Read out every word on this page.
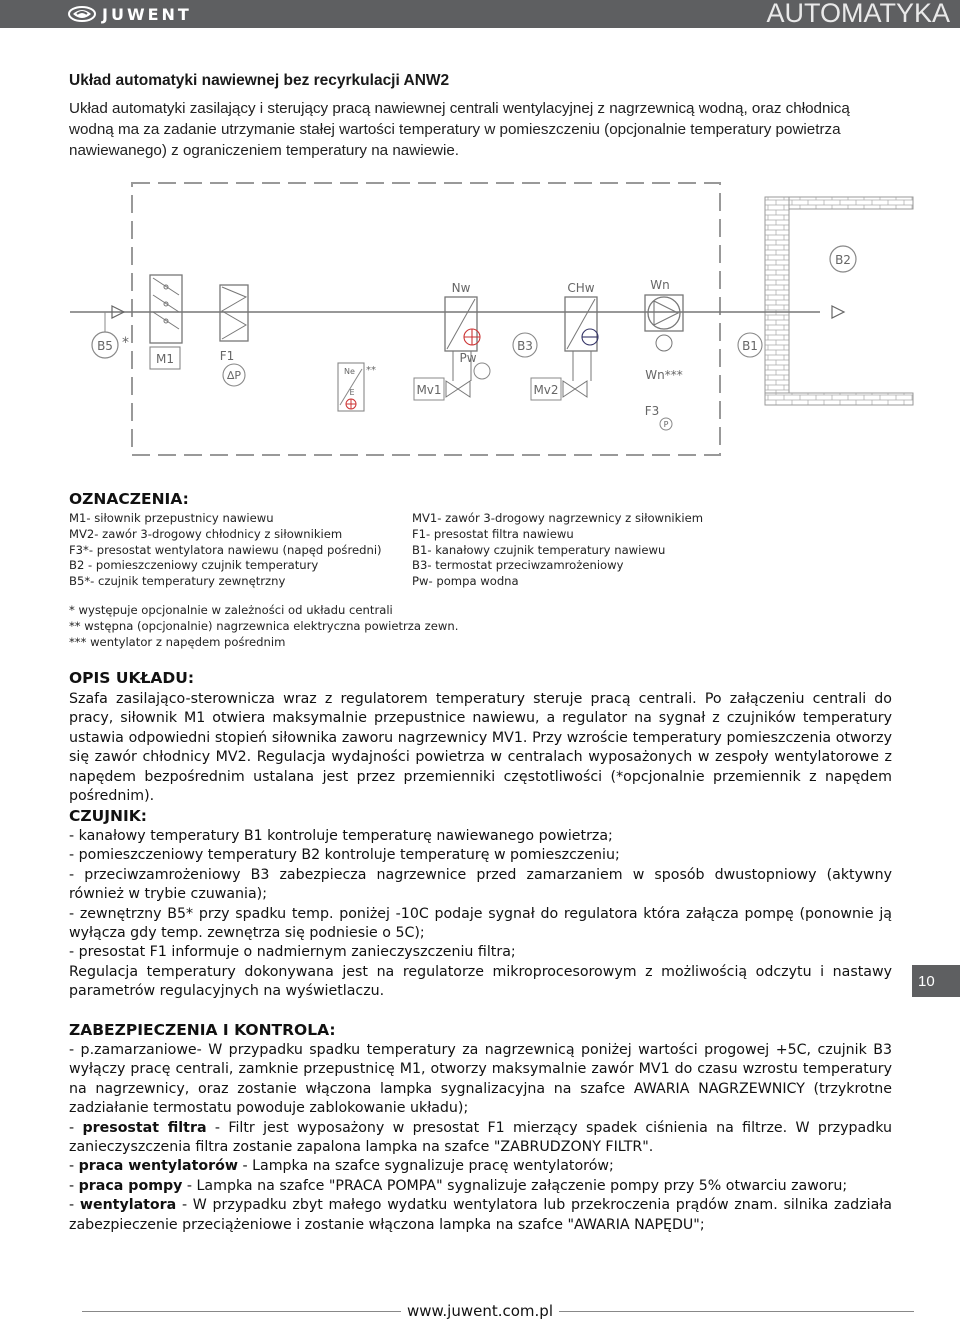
JUWENT	AUTOMATYKA
Układ automatyki nawiewnej bez recyrkulacji ANW2
Układ automatyki zasilający i sterujący pracą nawiewnej centrali wentylacyjnej z nagrzewnicą wodną, oraz chłodnicą
wodną ma za zadanie utrzymanie stałej wartości temperatury w pomieszczeniu (opcjonalnie temperatury powietrza
nawiewanego) z ograniczeniem temperatury na nawiewie.
B2
B5 *
M1	F1
∆P	Ne **
E
Nw
Pw
Mv1
B3
CHw
Mv2
Wn
Wn***
F3
P
B1
OZNACZENIA:
M1- siłownik przepustnicy nawiewu
MV2- zawór 3-drogowy chłodnicy z siłownikiem
F3*- presostat wentylatora nawiewu (napęd pośredni)
B2 - pomieszczeniowy czujnik temperatury
B5*- czujnik temperatury zewnętrzny
MV1- zawór 3-drogowy nagrzewnicy z siłownikiem
F1- presostat filtra nawiewu
B1- kanałowy czujnik temperatury nawiewu
B3- termostat przeciwzamrożeniowy
Pw- pompa wodna
* występuje opcjonalnie w zależności od układu centrali
** wstępna (opcjonalnie) nagrzewnica elektryczna powietrza zewn.
*** wentylator z napędem pośrednim
OPIS UKŁADU:
Szafa zasilająco-sterownicza wraz z regulatorem temperatury steruje pracą centrali. Po załączeniu centrali do pracy, siłownik M1 otwiera maksymalnie przepustnice nawiewu, a regulator na sygnał z czujników temperatury ustawia odpowiedni stopień siłownika zaworu nagrzewnicy MV1. Przy wzroście temperatury pomieszczenia otworzy się zawór chłodnicy MV2. Regulacja wydajności powietrza w centralach wyposażonych w zespoły wentylatorowe z napędem bezpośrednim ustalana jest przez przemienniki częstotliwości (*opcjonalnie przemiennik z napędem pośrednim).
CZUJNIK:

- kanałowy temperatury B1 kontroluje temperaturę nawiewanego powietrza;

- pomieszczeniowy temperatury B2 kontroluje temperaturę w pomieszczeniu;

- przeciwzamrożeniowy B3 zabezpiecza nagrzewnice przed zamarzaniem w sposób dwustopniowy (aktywny również w trybie czuwania);

- zewnętrzny B5* przy spadku temp. poniżej -10C podaje sygnał do regulatora która załącza pompę (ponownie ją wyłącza gdy temp. zewnętrza się podniesie o 5C);

- presostat F1 informuje o nadmiernym zanieczyszczeniu filtra;

Regulacja temperatury dokonywana jest na regulatorze mikroprocesorowym z możliwością odczytu i nastawy parametrów regulacyjnych na wyświetlaczu.

ZABEZPIECZENIA I KONTROLA:

- p.zamarzaniowe- W przypadku spadku temperatury za nagrzewnicą poniżej wartości progowej +5C, czujnik B3 wyłączy pracę centrali, zamknie przepustnicę M1, otworzy maksymalnie zawór MV1 do czasu wzrostu temperatury na nagrzewnicy, oraz zostanie włączona lampka sygnalizacyjna na szafce AWARIA NAGRZEWNICY (trzykrotne zadziałanie termostatu powoduje zablokowanie układu);

- presostat filtra - Filtr jest wyposażony w presostat F1 mierzący spadek ciśnienia na filtrze. W przypadku zanieczyszczenia filtra zostanie zapalona lampka na szafce "ZABRUDZONY FILTR".

- praca wentylatorów - Lampka na szafce sygnalizuje pracę wentylatorów;

- praca pompy - Lampka na szafce "PRACA POMPA" sygnalizuje załączenie pompy przy 5% otwarciu zaworu;

- wentylatora - W przypadku zbyt małego wydatku wentylatora lub przekroczenia prądów znam. silnika zadziała zabezpieczenie przeciążeniowe i zostanie włączona lampka na szafce "AWARIA NAPĘDU";

10
www.juwent.com.pl
